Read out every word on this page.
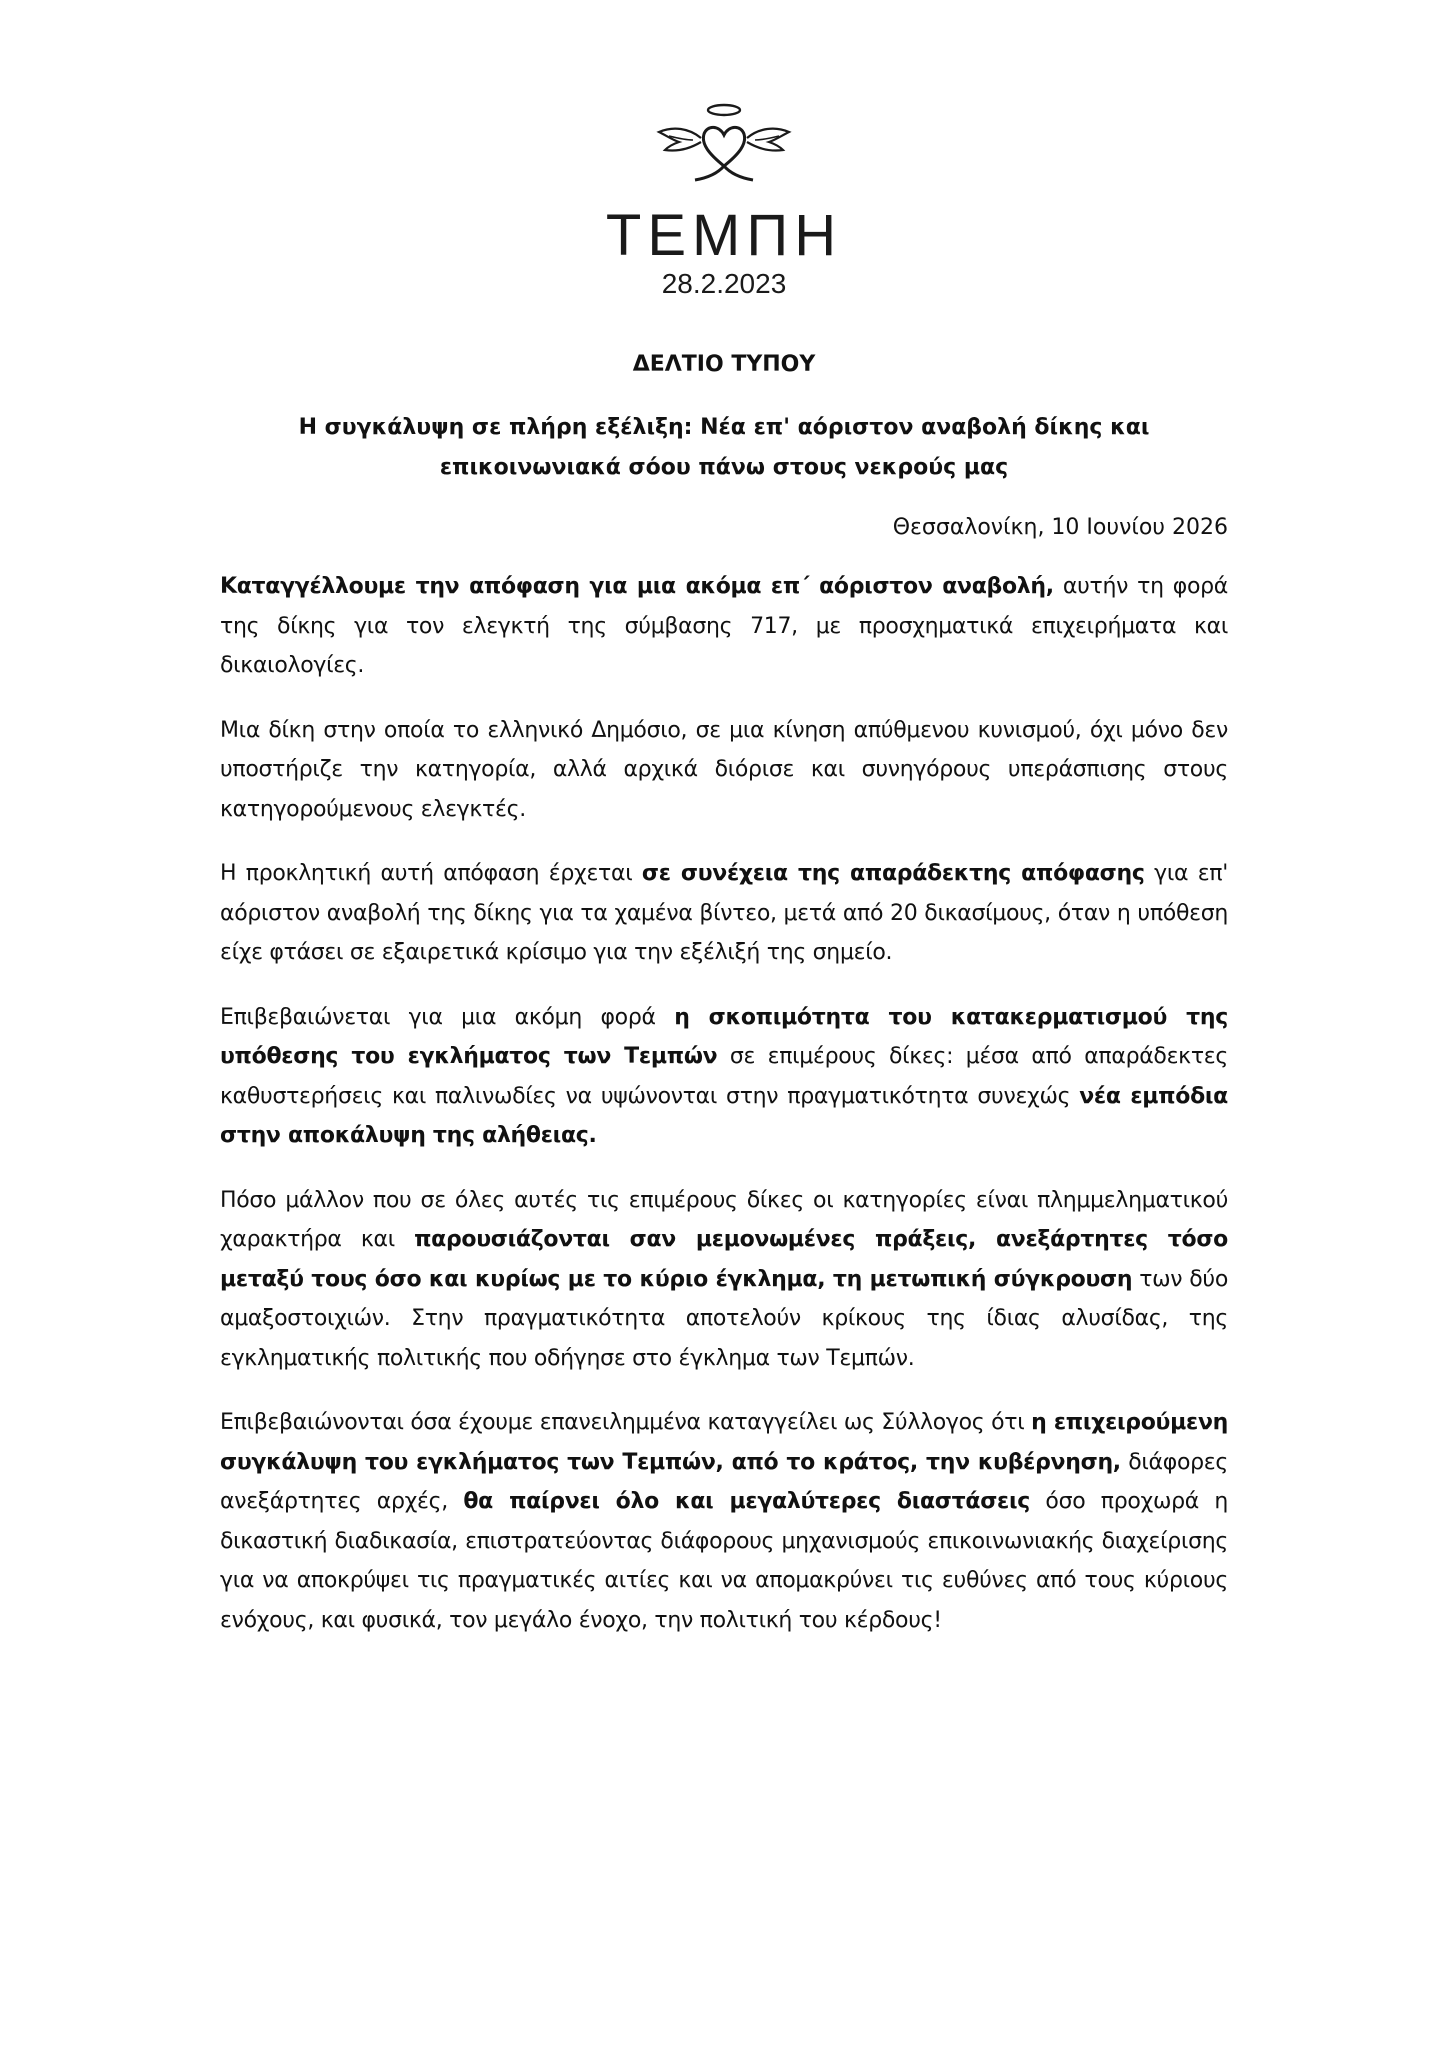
ΤΕΜΠΗ
28.2.2023
ΔΕΛΤΙΟ ΤΥΠΟΥ
Η συγκάλυψη σε πλήρη εξέλιξη: Νέα επ' αόριστον αναβολή δίκης και
επικοινωνιακά σόου πάνω στους νεκρούς μας
Θεσσαλονίκη, 10 Ιουνίου 2026

Καταγγέλλουμε την απόφαση για μια ακόμα επ΄ αόριστον αναβολή, αυτήν τη φορά της δίκης για τον ελεγκτή της σύμβασης 717, με προσχηματικά επιχειρήματα και δικαιολογίες.

Μια δίκη στην οποία το ελληνικό Δημόσιο, σε μια κίνηση απύθμενου κυνισμού, όχι μόνο δεν υποστήριζε την κατηγορία, αλλά αρχικά διόρισε και συνηγόρους υπεράσπισης στους κατηγορούμενους ελεγκτές.

Η προκλητική αυτή απόφαση έρχεται σε συνέχεια της απαράδεκτης απόφασης για επ' αόριστον αναβολή της δίκης για τα χαμένα βίντεο, μετά από 20 δικασίμους, όταν η υπόθεση είχε φτάσει σε εξαιρετικά κρίσιμο για την εξέλιξή της σημείο.

Επιβεβαιώνεται για μια ακόμη φορά η σκοπιμότητα του κατακερματισμού της υπόθεσης του εγκλήματος των Τεμπών σε επιμέρους δίκες: μέσα από απαράδεκτες καθυστερήσεις και παλινωδίες να υψώνονται στην πραγματικότητα συνεχώς νέα εμπόδια στην αποκάλυψη της αλήθειας.

Πόσο μάλλον που σε όλες αυτές τις επιμέρους δίκες οι κατηγορίες είναι πλημμεληματικού χαρακτήρα και παρουσιάζονται σαν μεμονωμένες πράξεις, ανεξάρτητες τόσο μεταξύ τους όσο και κυρίως με το κύριο έγκλημα, τη μετωπική σύγκρουση των δύο αμαξοστοιχιών. Στην πραγματικότητα αποτελούν κρίκους της ίδιας αλυσίδας, της εγκληματικής πολιτικής που οδήγησε στο έγκλημα των Τεμπών.

Επιβεβαιώνονται όσα έχουμε επανειλημμένα καταγγείλει ως Σύλλογος ότι η επιχειρούμενη συγκάλυψη του εγκλήματος των Τεμπών, από το κράτος, την κυβέρνηση, διάφορες ανεξάρτητες αρχές, θα παίρνει όλο και μεγαλύτερες διαστάσεις όσο προχωρά η δικαστική διαδικασία, επιστρατεύοντας διάφορους μηχανισμούς επικοινωνιακής διαχείρισης για να αποκρύψει τις πραγματικές αιτίες και να απομακρύνει τις ευθύνες από τους κύριους ενόχους, και φυσικά, τον μεγάλο ένοχο, την πολιτική του κέρδους!
